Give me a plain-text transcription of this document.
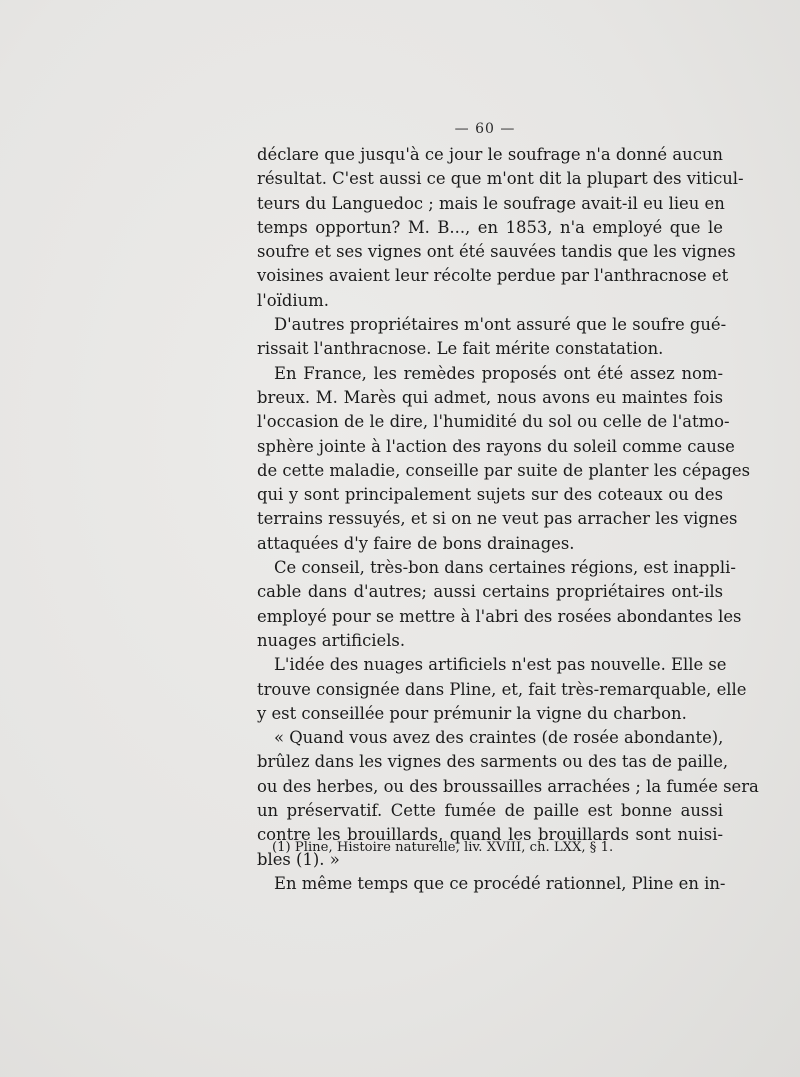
— 60 —
déclare que jusqu'à ce jour le soufrage n'a donné aucun
résultat. C'est aussi ce que m'ont dit la plupart des viticul-
teurs du Languedoc ; mais le soufrage avait-il eu lieu en
temps opportun? M. B..., en 1853, n'a employé que le
soufre et ses vignes ont été sauvées tandis que les vignes
voisines avaient leur récolte perdue par l'anthracnose et
l'oïdium.
D'autres propriétaires m'ont assuré que le soufre gué-
rissait l'anthracnose. Le fait mérite constatation.
En France, les remèdes proposés ont été assez nom-
breux. M. Marès qui admet, nous avons eu maintes fois
l'occasion de le dire, l'humidité du sol ou celle de l'atmo-
sphère jointe à l'action des rayons du soleil comme cause
de cette maladie, conseille par suite de planter les cépages
qui y sont principalement sujets sur des coteaux ou des
terrains ressuyés, et si on ne veut pas arracher les vignes
attaquées d'y faire de bons drainages.
Ce conseil, très-bon dans certaines régions, est inappli-
cable dans d'autres; aussi certains propriétaires ont-ils
employé pour se mettre à l'abri des rosées abondantes les
nuages artificiels.
L'idée des nuages artificiels n'est pas nouvelle. Elle se
trouve consignée dans Pline, et, fait très-remarquable, elle
y est conseillée pour prémunir la vigne du charbon.
« Quand vous avez des craintes (de rosée abondante),
brûlez dans les vignes des sarments ou des tas de paille,
ou des herbes, ou des broussailles arrachées ; la fumée sera
un préservatif. Cette fumée de paille est bonne aussi
contre les brouillards, quand les brouillards sont nuisi-
bles (1). »
En même temps que ce procédé rationnel, Pline en in-
(1) Pline, Histoire naturelle, liv. XVIII, ch. LXX, § 1.
